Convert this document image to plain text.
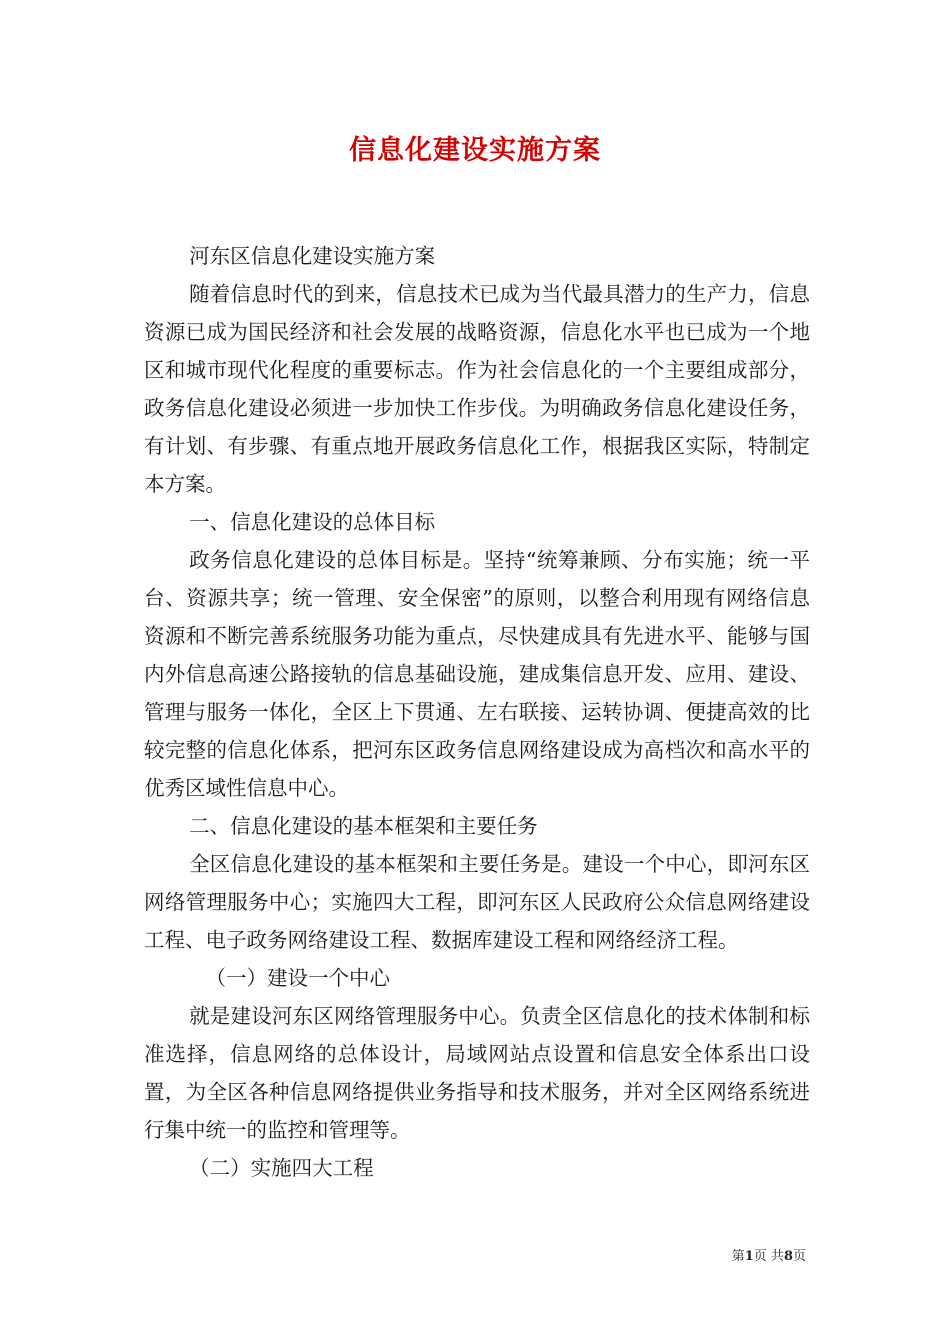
信息化建设实施方案

河东区信息化建设实施方案

随着信息时代的到来，信息技术已成为当代最具潜力的生产力，信息资源已成为国民经济和社会发展的战略资源，信息化水平也已成为一个地区和城市现代化程度的重要标志。作为社会信息化的一个主要组成部分，政务信息化建设必须进一步加快工作步伐。为明确政务信息化建设任务，有计划、有步骤、有重点地开展政务信息化工作，根据我区实际，特制定本方案。

一、信息化建设的总体目标

政务信息化建设的总体目标是。坚持“统筹兼顾、分布实施；统一平台、资源共享；统一管理、安全保密”的原则，以整合利用现有网络信息资源和不断完善系统服务功能为重点，尽快建成具有先进水平、能够与国内外信息高速公路接轨的信息基础设施，建成集信息开发、应用、建设、管理与服务一体化，全区上下贯通、左右联接、运转协调、便捷高效的比较完整的信息化体系，把河东区政务信息网络建设成为高档次和高水平的优秀区域性信息中心。

二、信息化建设的基本框架和主要任务

全区信息化建设的基本框架和主要任务是。建设一个中心，即河东区网络管理服务中心；实施四大工程，即河东区人民政府公众信息网络建设工程、电子政务网络建设工程、数据库建设工程和网络经济工程。

（一）建设一个中心

就是建设河东区网络管理服务中心。负责全区信息化的技术体制和标准选择，信息网络的总体设计，局域网站点设置和信息安全体系出口设置，为全区各种信息网络提供业务指导和技术服务，并对全区网络系统进行集中统一的监控和管理等。

（二）实施四大工程

第1页 共8页
